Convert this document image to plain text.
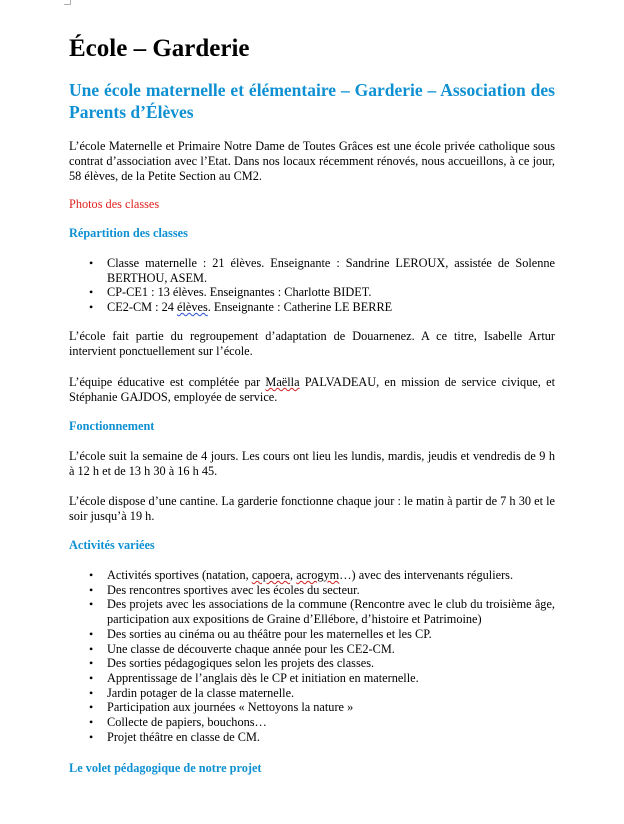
École – Garderie

Une école maternelle et élémentaire – Garderie – Association des Parents d’Élèves

L’école Maternelle et Primaire Notre Dame de Toutes Grâces est une école privée catholique sous contrat d’association avec l’Etat. Dans nos locaux récemment rénovés, nous accueillons, à ce jour, 58 élèves, de la Petite Section au CM2.

Photos des classes

Répartition des classes

• Classe maternelle : 21 élèves. Enseignante : Sandrine LEROUX, assistée de Solenne BERTHOU, ASEM.
• CP-CE1 : 13 élèves. Enseignantes : Charlotte BIDET.
• CE2-CM : 24 élèves. Enseignante : Catherine LE BERRE

L’école fait partie du regroupement d’adaptation de Douarnenez. A ce titre, Isabelle Artur intervient ponctuellement sur l’école.

L’équipe éducative est complétée par Maëlla PALVADEAU, en mission de service civique, et Stéphanie GAJDOS, employée de service.

Fonctionnement

L’école suit la semaine de 4 jours. Les cours ont lieu les lundis, mardis, jeudis et vendredis de 9 h à 12 h et de 13 h 30 à 16 h 45.

L’école dispose d’une cantine. La garderie fonctionne chaque jour : le matin à partir de 7 h 30 et le soir jusqu’à 19 h.

Activités variées

• Activités sportives (natation, capoera, acrogym…) avec des intervenants réguliers.
• Des rencontres sportives avec les écoles du secteur.
• Des projets avec les associations de la commune (Rencontre avec le club du troisième âge, participation aux expositions de Graine d’Ellébore, d’histoire et Patrimoine)
• Des sorties au cinéma ou au théâtre pour les maternelles et les CP.
• Une classe de découverte chaque année pour les CE2-CM.
• Des sorties pédagogiques selon les projets des classes.
• Apprentissage de l’anglais dès le CP et initiation en maternelle.
• Jardin potager de la classe maternelle.
• Participation aux journées « Nettoyons la nature »
• Collecte de papiers, bouchons…
• Projet théâtre en classe de CM.

Le volet pédagogique de notre projet
